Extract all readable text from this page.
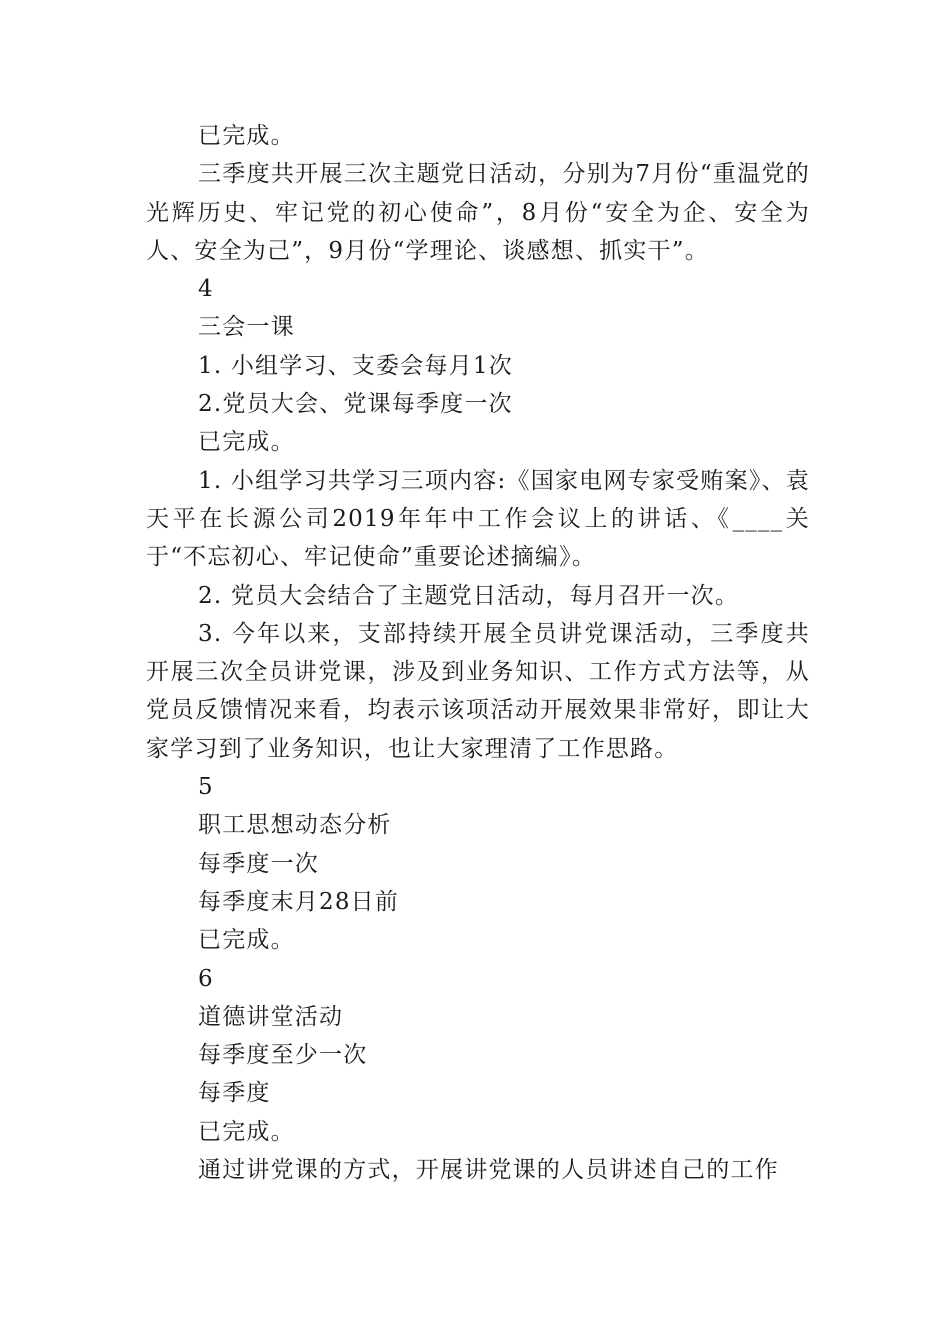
已完成。
三季度共开展三次主题党日活动，分别为7月份“重温党的光辉历史、牢记党的初心使命”，8月份“安全为企、安全为人、安全为己”，9月份“学理论、谈感想、抓实干”。
4
三会一课
1. 小组学习、支委会每月1次
2.党员大会、党课每季度一次
已完成。
1. 小组学习共学习三项内容:《国家电网专家受贿案》、袁天平在长源公司2019年年中工作会议上的讲话、《____关于“不忘初心、牢记使命”重要论述摘编》。
2. 党员大会结合了主题党日活动，每月召开一次。
3. 今年以来，支部持续开展全员讲党课活动，三季度共开展三次全员讲党课，涉及到业务知识、工作方式方法等，从党员反馈情况来看，均表示该项活动开展效果非常好，即让大家学习到了业务知识，也让大家理清了工作思路。
5
职工思想动态分析
每季度一次
每季度末月28日前
已完成。
6
道德讲堂活动
每季度至少一次
每季度
已完成。
通过讲党课的方式，开展讲党课的人员讲述自己的工作
